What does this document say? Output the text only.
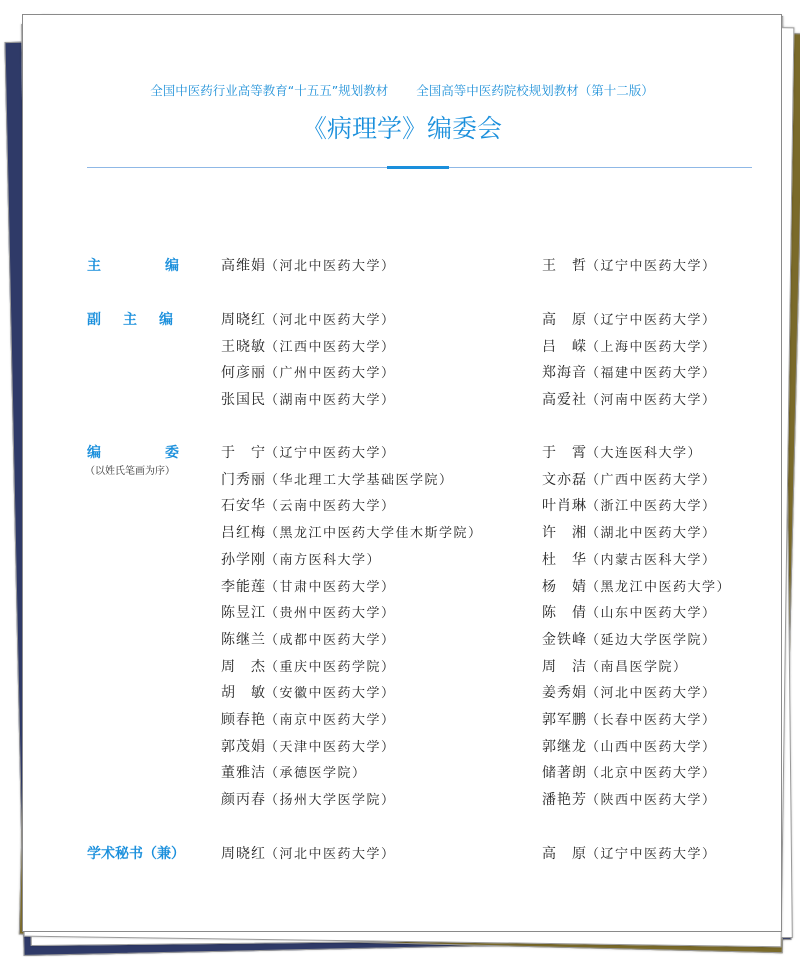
全国中医药行业高等教育“十五五”规划教材 全国高等中医药院校规划教材（第十二版）
《病理学》编委会
主	编	高维娟（河北中医药大学）	王　哲（辽宁中医药大学）
副主编 周晓红（河北中医药大学）	高　原（辽宁中医药大学）
王晓敏（江西中医药大学）	吕　嵘（上海中医药大学）
何彦丽（广州中医药大学）	郑海音（福建中医药大学）
张国民（湖南中医药大学）	高爱社（河南中医药大学）
编	委
（以姓氏笔画为序）
于　宁（辽宁中医药大学）	于　霄（大连医科大学）
门秀丽（华北理工大学基础医学院）	文亦磊（广西中医药大学）
石安华（云南中医药大学）	叶肖琳（浙江中医药大学）
吕红梅（黑龙江中医药大学佳木斯学院）	许　湘（湖北中医药大学）
孙学刚（南方医科大学）	杜　华（内蒙古医科大学）
李能莲（甘肃中医药大学）	杨　婧（黑龙江中医药大学）
陈昱江（贵州中医药大学）	陈　倩（山东中医药大学）
陈继兰（成都中医药大学）	金铁峰（延边大学医学院）
周　杰（重庆中医药学院）	周　洁（南昌医学院）
胡　敏（安徽中医药大学）	姜秀娟（河北中医药大学）
顾春艳（南京中医药大学）	郭军鹏（长春中医药大学）
郭茂娟（天津中医药大学）	郭继龙（山西中医药大学）
董雅洁（承德医学院）	储著朗（北京中医药大学）
颜丙春（扬州大学医学院）	潘艳芳（陕西中医药大学）
学术秘书（兼）	周晓红（河北中医药大学）	高　原（辽宁中医药大学）
